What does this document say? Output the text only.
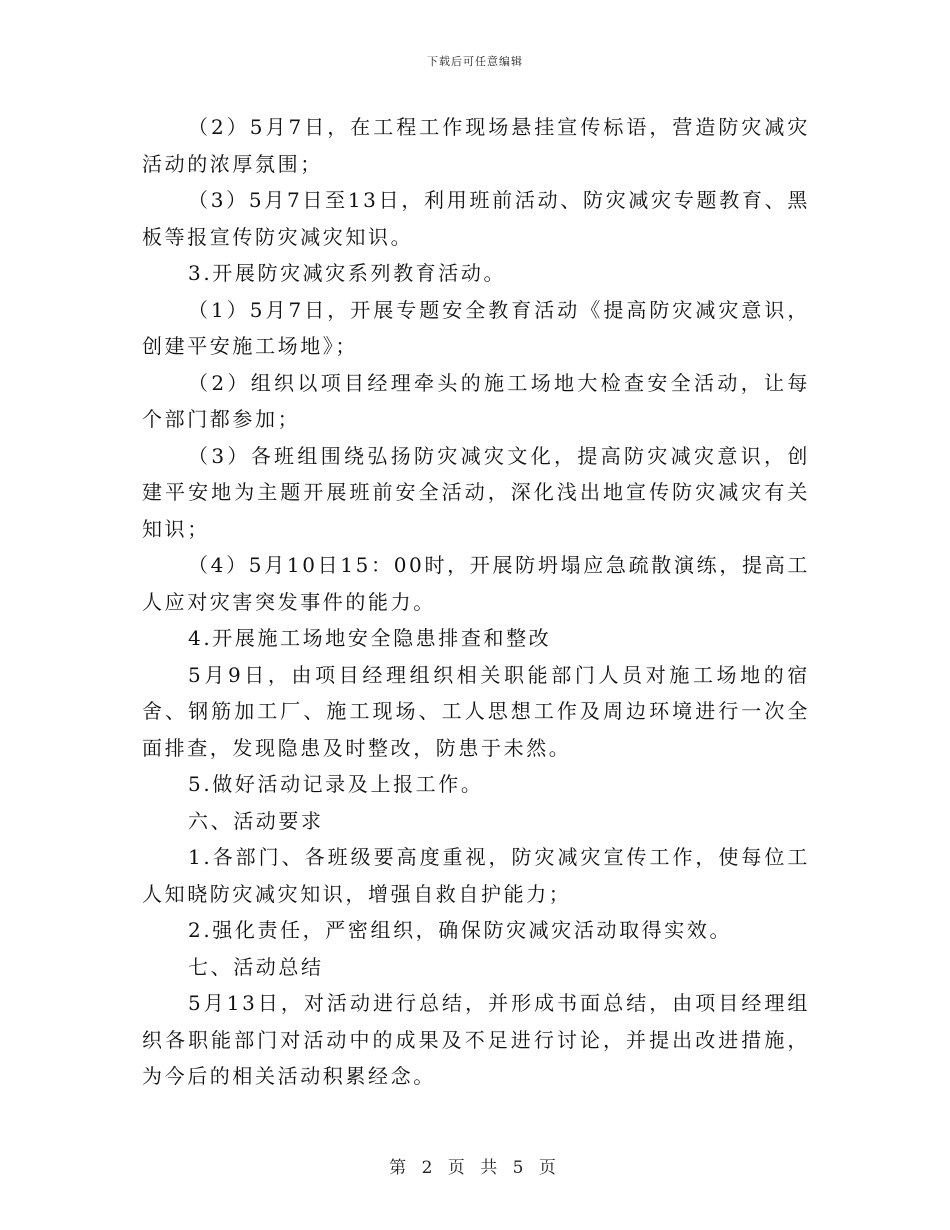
下载后可任意编辑

（2）5月7日，在工程工作现场悬挂宣传标语，营造防灾减灾活动的浓厚氛围；

（3）5月7日至13日，利用班前活动、防灾减灾专题教育、黑板等报宣传防灾减灾知识。

3.开展防灾减灾系列教育活动。

（1）5月7日，开展专题安全教育活动《提高防灾减灾意识，创建平安施工场地》；

（2）组织以项目经理牵头的施工场地大检查安全活动，让每个部门都参加；

（3）各班组围绕弘扬防灾减灾文化，提高防灾减灾意识，创建平安地为主题开展班前安全活动，深化浅出地宣传防灾减灾有关知识；

（4）5月10日15：00时，开展防坍塌应急疏散演练，提高工人应对灾害突发事件的能力。

4.开展施工场地安全隐患排查和整改

5月9日，由项目经理组织相关职能部门人员对施工场地的宿舍、钢筋加工厂、施工现场、工人思想工作及周边环境进行一次全面排查，发现隐患及时整改，防患于未然。

5.做好活动记录及上报工作。

六、活动要求

1.各部门、各班级要高度重视，防灾减灾宣传工作，使每位工人知晓防灾减灾知识，增强自救自护能力；

2.强化责任，严密组织，确保防灾减灾活动取得实效。

七、活动总结

5月13日，对活动进行总结，并形成书面总结，由项目经理组织各职能部门对活动中的成果及不足进行讨论，并提出改进措施，为今后的相关活动积累经念。

第 2 页 共 5 页
